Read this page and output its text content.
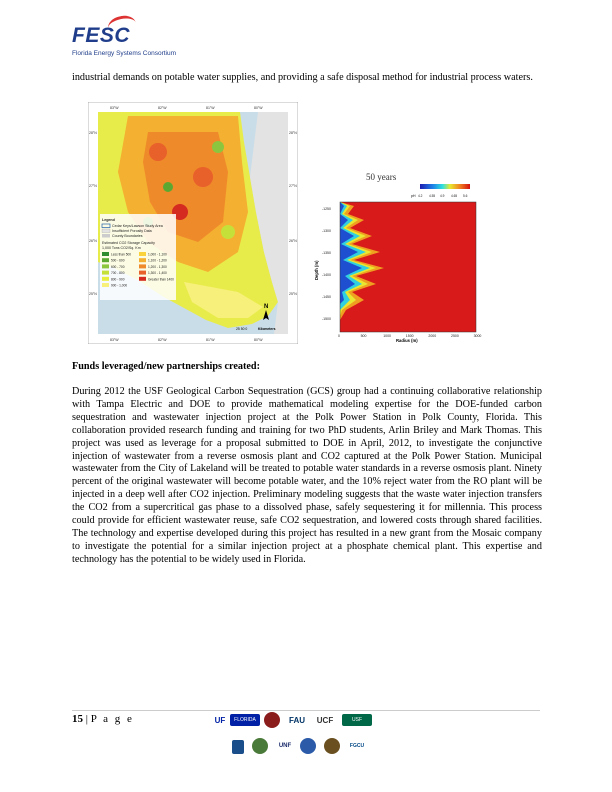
FESC
Florida Energy Systems Consortium

industrial demands on potable water supplies, and providing a safe disposal method for industrial process waters.

83°W	82°W	81°W	80°W
83°W	82°W	81°W	80°W
28°N
27°N
26°N
25°N
28°N
27°N
26°N
25°N
Legend
Cedar Keys/Lawson Study Area
Insufficient Porosity Data
County Boundaries
Estimated CO2 Storage Capacity
1,000 Tons CO2/Sq. Km
Less than 500
500 - 600
600 - 700
700 - 800
800 - 900
900 - 1,000
1,000 - 1,100
1,100 - 1,200
1,200 - 1,300
1,300 - 1,400
Greater than 1400
N
25 50 0	Kilometers
50 years
pH 4.2 4.55 4.9 4.65 5.6
Depth (m)
Radius (m)
-1250
-1300
-1350
-1400
-1450
-1500
0	500	1000	1500	2000	2500	3000
Funds leveraged/new partnerships created:

During 2012 the USF Geological Carbon Sequestration (GCS) group had a continuing collaborative relationship with Tampa Electric and DOE to provide mathematical modeling expertise for the DOE-funded carbon sequestration and wastewater injection project at the Polk Power Station in Polk County, Florida. This collaboration provided research funding and training for two PhD students, Arlin Briley and Mark Thomas. This project was used as leverage for a proposal submitted to DOE in April, 2012, to investigate the conjunctive injection of wastewater from a reverse osmosis plant and CO2 captured at the Polk Power Station. Municipal wastewater from the City of Lakeland will be treated to potable water standards in a reverse osmosis plant. Ninety percent of the original wastewater will become potable water, and the 10% reject water from the RO plant will be injected in a deep well after CO2 injection. Preliminary modeling suggests that the waste water injection transfers the CO2 from a supercritical gas phase to a dissolved phase, safely sequestering it for millennia. This process could provide for efficient wastewater reuse, safe CO2 sequestration, and lowered costs through shared facilities. The technology and expertise developed during this project has resulted in a new grant from the Mosaic company to investigate the potential for a similar injection project at a phosphate chemical plant. This expertise and technology has the potential to be widely used in Florida.

15 | P a g e	UF	FLORIDA	FAU	UCF	USF
UNF	FGCU
